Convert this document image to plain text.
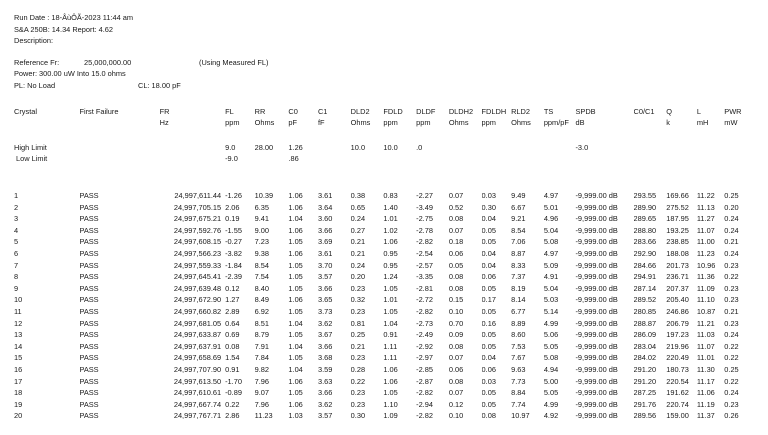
Run Date : 18-ÂùÔÃ-2023 11:44 am
S&A 250B: 14.34 Report: 4.62
Description:
Reference Fr:	25,000,000.00	(Using Measured FL)
Power: 300.00 uW Into 15.0 ohms
PL: No Load	CL: 18.00 pF
Crystal	First Failure	FR	FL	RR	C0	C1	DLD2	FDLD	DLDF	DLDH2	FDLDH	RLD2	TS	SPDB	C0/C1	Q	L	PWR
		Hz	ppm	Ohms	pF	fF	Ohms	ppm	ppm	Ohms	ppm	Ohms	ppm/pF	dB		k	mH	mW

High Limit			9.0	28.00	1.26		10.0	10.0	.0					-3.0				
Low Limit			-9.0		.86													

1	PASS	24,997,611.44	-1.26	10.39	1.06	3.61	0.38	0.83	-2.27	0.07	0.03	9.49	4.97	-9,999.00 dB	293.55	169.66	11.22	0.25
2	PASS	24,997,705.15	2.06	6.35	1.06	3.64	0.65	1.40	-3.49	0.52	0.30	6.67	5.01	-9,999.00 dB	289.90	275.52	11.13	0.20
3	PASS	24,997,675.21	0.19	9.41	1.04	3.60	0.24	1.01	-2.75	0.08	0.04	9.21	4.96	-9,999.00 dB	289.65	187.95	11.27	0.24
4	PASS	24,997,592.76	-1.55	9.00	1.06	3.66	0.27	1.02	-2.78	0.07	0.05	8.54	5.04	-9,999.00 dB	288.80	193.25	11.07	0.24
5	PASS	24,997,608.15	-0.27	7.23	1.05	3.69	0.21	1.06	-2.82	0.18	0.05	7.06	5.08	-9,999.00 dB	283.66	238.85	11.00	0.21
6	PASS	24,997,566.23	-3.82	9.38	1.06	3.61	0.21	0.95	-2.54	0.06	0.04	8.87	4.97	-9,999.00 dB	292.90	188.08	11.23	0.24
7	PASS	24,997,559.33	-1.84	8.54	1.05	3.70	0.24	0.95	-2.57	0.05	0.04	8.33	5.09	-9,999.00 dB	284.66	201.73	10.96	0.23
8	PASS	24,997,645.41	-2.39	7.54	1.05	3.57	0.20	1.24	-3.35	0.08	0.06	7.37	4.91	-9,999.00 dB	294.91	236.71	11.36	0.22
9	PASS	24,997,639.48	0.12	8.40	1.05	3.66	0.23	1.05	-2.81	0.08	0.05	8.19	5.04	-9,999.00 dB	287.14	207.37	11.09	0.23
10	PASS	24,997,672.90	1.27	8.49	1.06	3.65	0.32	1.01	-2.72	0.15	0.17	8.14	5.03	-9,999.00 dB	289.52	205.40	11.10	0.23
11	PASS	24,997,660.82	2.89	6.92	1.05	3.73	0.23	1.05	-2.82	0.10	0.05	6.77	5.14	-9,999.00 dB	280.85	246.86	10.87	0.21
12	PASS	24,997,681.05	0.64	8.51	1.04	3.62	0.81	1.04	-2.73	0.70	0.16	8.89	4.99	-9,999.00 dB	288.87	206.79	11.21	0.23
13	PASS	24,997,633.87	0.69	8.79	1.05	3.67	0.25	0.91	-2.49	0.09	0.05	8.60	5.06	-9,999.00 dB	286.09	197.23	11.03	0.24
14	PASS	24,997,637.91	0.08	7.91	1.04	3.66	0.21	1.11	-2.92	0.08	0.05	7.53	5.05	-9,999.00 dB	283.04	219.96	11.07	0.22
15	PASS	24,997,658.69	1.54	7.84	1.05	3.68	0.23	1.11	-2.97	0.07	0.04	7.67	5.08	-9,999.00 dB	284.02	220.49	11.01	0.22
16	PASS	24,997,707.90	0.91	9.82	1.04	3.59	0.28	1.06	-2.85	0.06	0.06	9.63	4.94	-9,999.00 dB	291.20	180.73	11.30	0.25
17	PASS	24,997,613.50	-1.70	7.96	1.06	3.63	0.22	1.06	-2.87	0.08	0.03	7.73	5.00	-9,999.00 dB	291.20	220.54	11.17	0.22
18	PASS	24,997,610.61	-0.89	9.07	1.05	3.66	0.23	1.05	-2.82	0.07	0.05	8.84	5.05	-9,999.00 dB	287.25	191.62	11.06	0.24
19	PASS	24,997,667.74	0.22	7.96	1.06	3.62	0.23	1.10	-2.94	0.12	0.05	7.74	4.99	-9,999.00 dB	291.76	220.74	11.19	0.23
20	PASS	24,997,767.71	2.86	11.23	1.03	3.57	0.30	1.09	-2.82	0.10	0.08	10.97	4.92	-9,999.00 dB	289.56	159.00	11.37	0.26
